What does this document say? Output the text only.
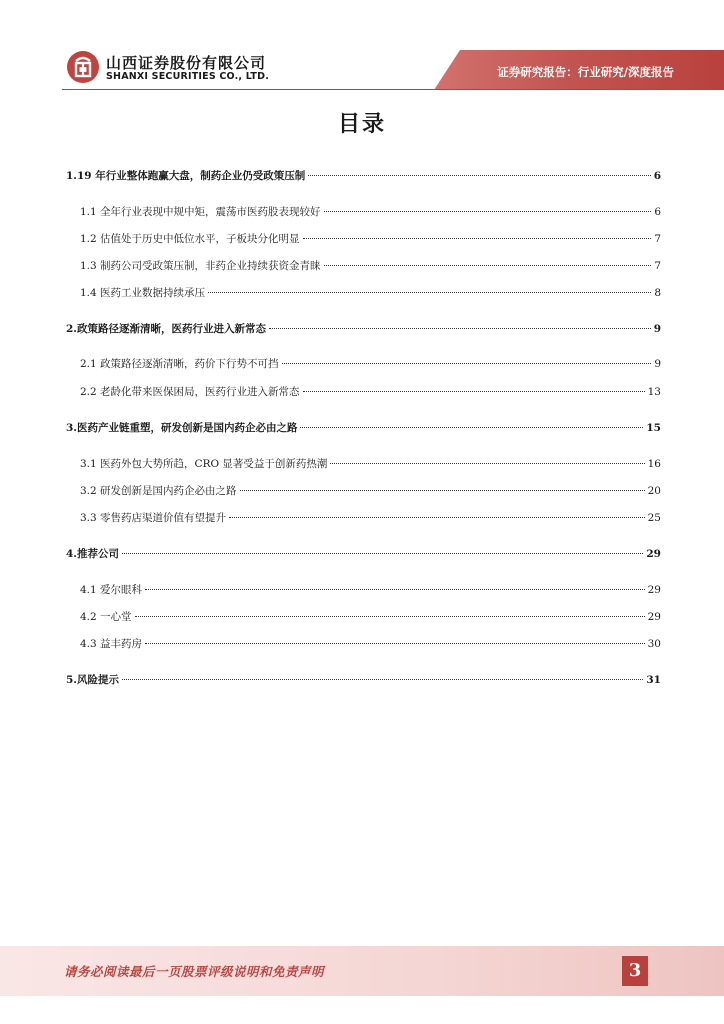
山西证券股份有限公司
SHANXI SECURITIES CO., LTD.	证券研究报告：行业研究/深度报告
目录
1.19 年行业整体跑赢大盘，制药企业仍受政策压制	6
1.1 全年行业表现中规中矩，震荡市医药股表现较好	6
1.2 估值处于历史中低位水平，子板块分化明显	7
1.3 制药公司受政策压制，非药企业持续获资金青睐	7
1.4 医药工业数据持续承压	8
2.政策路径逐渐清晰，医药行业进入新常态	9
2.1 政策路径逐渐清晰，药价下行势不可挡	9
2.2 老龄化带来医保困局，医药行业进入新常态	13
3.医药产业链重塑，研发创新是国内药企必由之路	15
3.1 医药外包大势所趋，CRO 显著受益于创新药热潮	16
3.2 研发创新是国内药企必由之路	20
3.3 零售药店渠道价值有望提升	25
4.推荐公司	29
4.1 爱尔眼科	29
4.2 一心堂	29
4.3 益丰药房	30
5.风险提示	31
请务必阅读最后一页股票评级说明和免责声明	3
